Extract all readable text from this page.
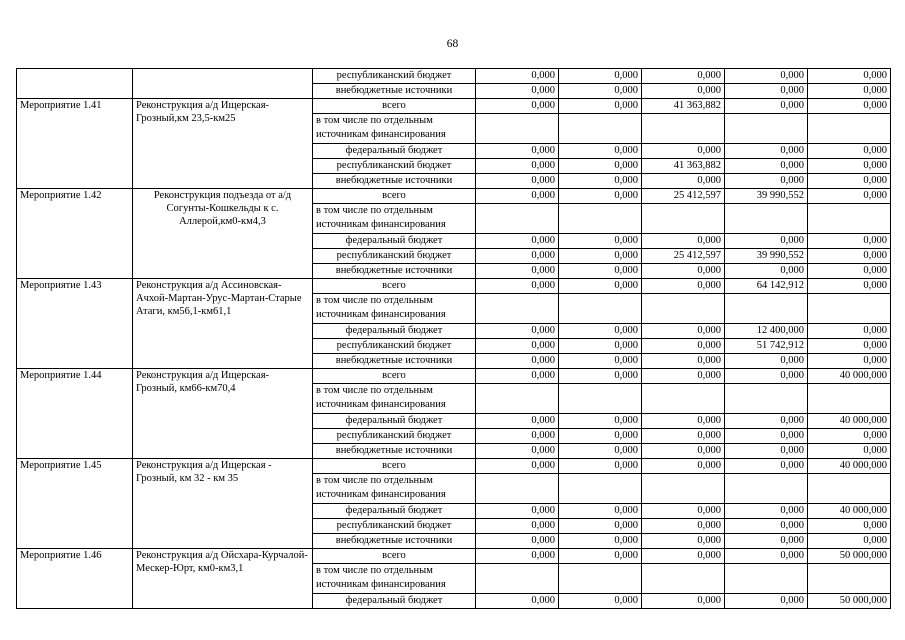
68
		республиканский бюджет	0,000	0,000	0,000	0,000	0,000
		внебюджетные источники	0,000	0,000	0,000	0,000	0,000
Мероприятие 1.41	Реконструкция а/д Ищерская-Грозный,км 23,5-км25	всего	0,000	0,000	41 363,882	0,000	0,000
		в том числе по отдельным источникам финансирования					
		федеральный бюджет	0,000	0,000	0,000	0,000	0,000
		республиканский бюджет	0,000	0,000	41 363,882	0,000	0,000
		внебюджетные источники	0,000	0,000	0,000	0,000	0,000
Мероприятие 1.42	Реконструкция подъезда от а/д Согунты-Кошкельды к с. Аллерой,км0-км4,3	всего	0,000	0,000	25 412,597	39 990,552	0,000
		в том числе по отдельным источникам финансирования					
		федеральный бюджет	0,000	0,000	0,000	0,000	0,000
		республиканский бюджет	0,000	0,000	25 412,597	39 990,552	0,000
		внебюджетные источники	0,000	0,000	0,000	0,000	0,000
Мероприятие 1.43	Реконструкция а/д Ассиновская-Ачхой-Мартан-Урус-Мартан-Старые Атаги, км56,1-км61,1	всего	0,000	0,000	0,000	64 142,912	0,000
		в том числе по отдельным источникам финансирования					
		федеральный бюджет	0,000	0,000	0,000	12 400,000	0,000
		республиканский бюджет	0,000	0,000	0,000	51 742,912	0,000
		внебюджетные источники	0,000	0,000	0,000	0,000	0,000
Мероприятие 1.44	Реконструкция а/д Ищерская-Грозный, км66-км70,4	всего	0,000	0,000	0,000	0,000	40 000,000
		в том числе по отдельным источникам финансирования					
		федеральный бюджет	0,000	0,000	0,000	0,000	40 000,000
		республиканский бюджет	0,000	0,000	0,000	0,000	0,000
		внебюджетные источники	0,000	0,000	0,000	0,000	0,000
Мероприятие 1.45	Реконструкция а/д Ищерская - Грозный, км 32 - км 35	всего	0,000	0,000	0,000	0,000	40 000,000
		в том числе по отдельным источникам финансирования					
		федеральный бюджет	0,000	0,000	0,000	0,000	40 000,000
		республиканский бюджет	0,000	0,000	0,000	0,000	0,000
		внебюджетные источники	0,000	0,000	0,000	0,000	0,000
Мероприятие 1.46	Реконструкция а/д Ойсхара-Курчалой-Мескер-Юрт, км0-км3,1	всего	0,000	0,000	0,000	0,000	50 000,000
		в том числе по отдельным источникам финансирования					
		федеральный бюджет	0,000	0,000	0,000	0,000	50 000,000
